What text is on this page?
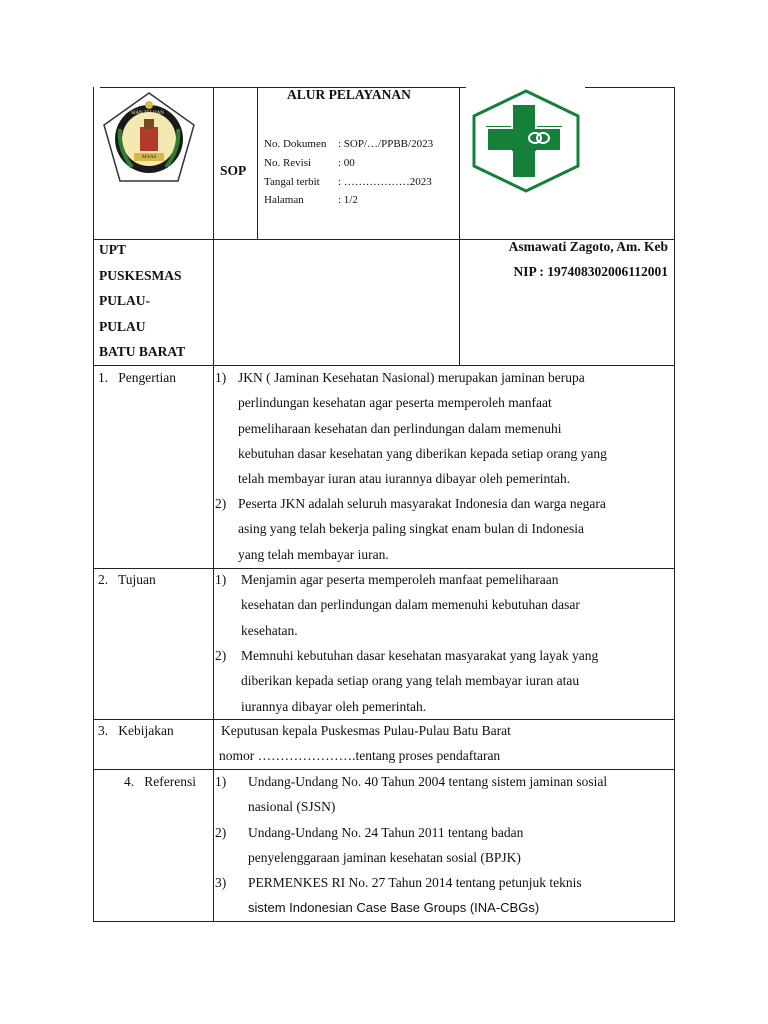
SIAN TELIJAN
MAAS
SOP
ALUR PELAYANAN
No. Dokumen : SOP/…/PPBB/2023
No. Revisi : 00
Tangal terbit : ………………2023
Halaman	: 1/2
UPT
PUSKESMAS
PULAU-
PULAU
BATU BARAT
Asmawati Zagoto, Am. Keb
NIP : 197408302006112001
1.   Pengertian	1) JKN ( Jaminan Kesehatan Nasional) merupakan jaminan berupa
perlindungan kesehatan agar peserta memperoleh manfaat
pemeliharaan kesehatan dan perlindungan dalam memenuhi
kebutuhan dasar kesehatan yang diberikan kepada setiap orang yang
telah membayar iuran atau iurannya dibayar oleh pemerintah.
2) Peserta JKN adalah seluruh masyarakat Indonesia dan warga negara
asing yang telah bekerja paling singkat enam bulan di Indonesia
yang telah membayar iuran.
2.   Tujuan	1) Menjamin agar peserta memperoleh manfaat pemeliharaan
kesehatan dan perlindungan dalam memenuhi kebutuhan dasar
kesehatan.
2) Memnuhi kebutuhan dasar kesehatan masyarakat yang layak yang
diberikan kepada setiap orang yang telah membayar iuran atau
iurannya dibayar oleh pemerintah.
3.   Kebijakan	Keputusan kepala Puskesmas Pulau-Pulau Batu Barat
nomor ………………….tentang proses pendaftaran
4.   Referensi 1) Undang-Undang No. 40 Tahun 2004 tentang sistem jaminan sosial
nasional (SJSN)
2) Undang-Undang No. 24 Tahun 2011 tentang badan
penyelenggaraan jaminan kesehatan sosial (BPJK)
3) PERMENKES RI No. 27 Tahun 2014 tentang petunjuk teknis
sistem Indonesian Case Base Groups (INA-CBGs)
